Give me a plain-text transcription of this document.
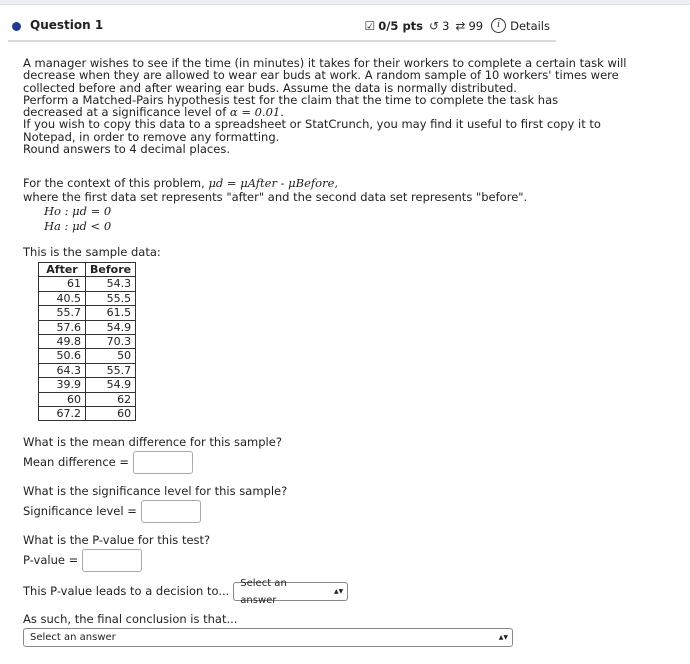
Question 1	☑ 0/5 pts ↺ 3 ⇄ 99	i Details
A manager wishes to see if the time (in minutes) it takes for their workers to complete a certain task will
decrease when they are allowed to wear ear buds at work. A random sample of 10 workers' times were
collected before and after wearing ear buds. Assume the data is normally distributed.
Perform a Matched-Pairs hypothesis test for the claim that the time to complete the task has
decreased at a significance level of α = 0.01.
If you wish to copy this data to a spreadsheet or StatCrunch, you may find it useful to first copy it to
Notepad, in order to remove any formatting.
Round answers to 4 decimal places.
For the context of this problem, μd = μAfter - μBefore,
where the first data set represents "after" and the second data set represents "before".
Ho : μd = 0
Ha : μd < 0
This is the sample data:
After	Before
61	54.3
40.5	55.5
55.7	61.5
57.6	54.9
49.8	70.3
50.6	50
64.3	55.7
39.9	54.9
60	62
67.2	60
What is the mean difference for this sample?
Mean difference =
What is the significance level for this sample?
Significance level =
What is the P-value for this test?
P-value =
This P-value leads to a decision to...
Select an answer
▲▼
As such, the final conclusion is that...
Select an answer	▲▼
